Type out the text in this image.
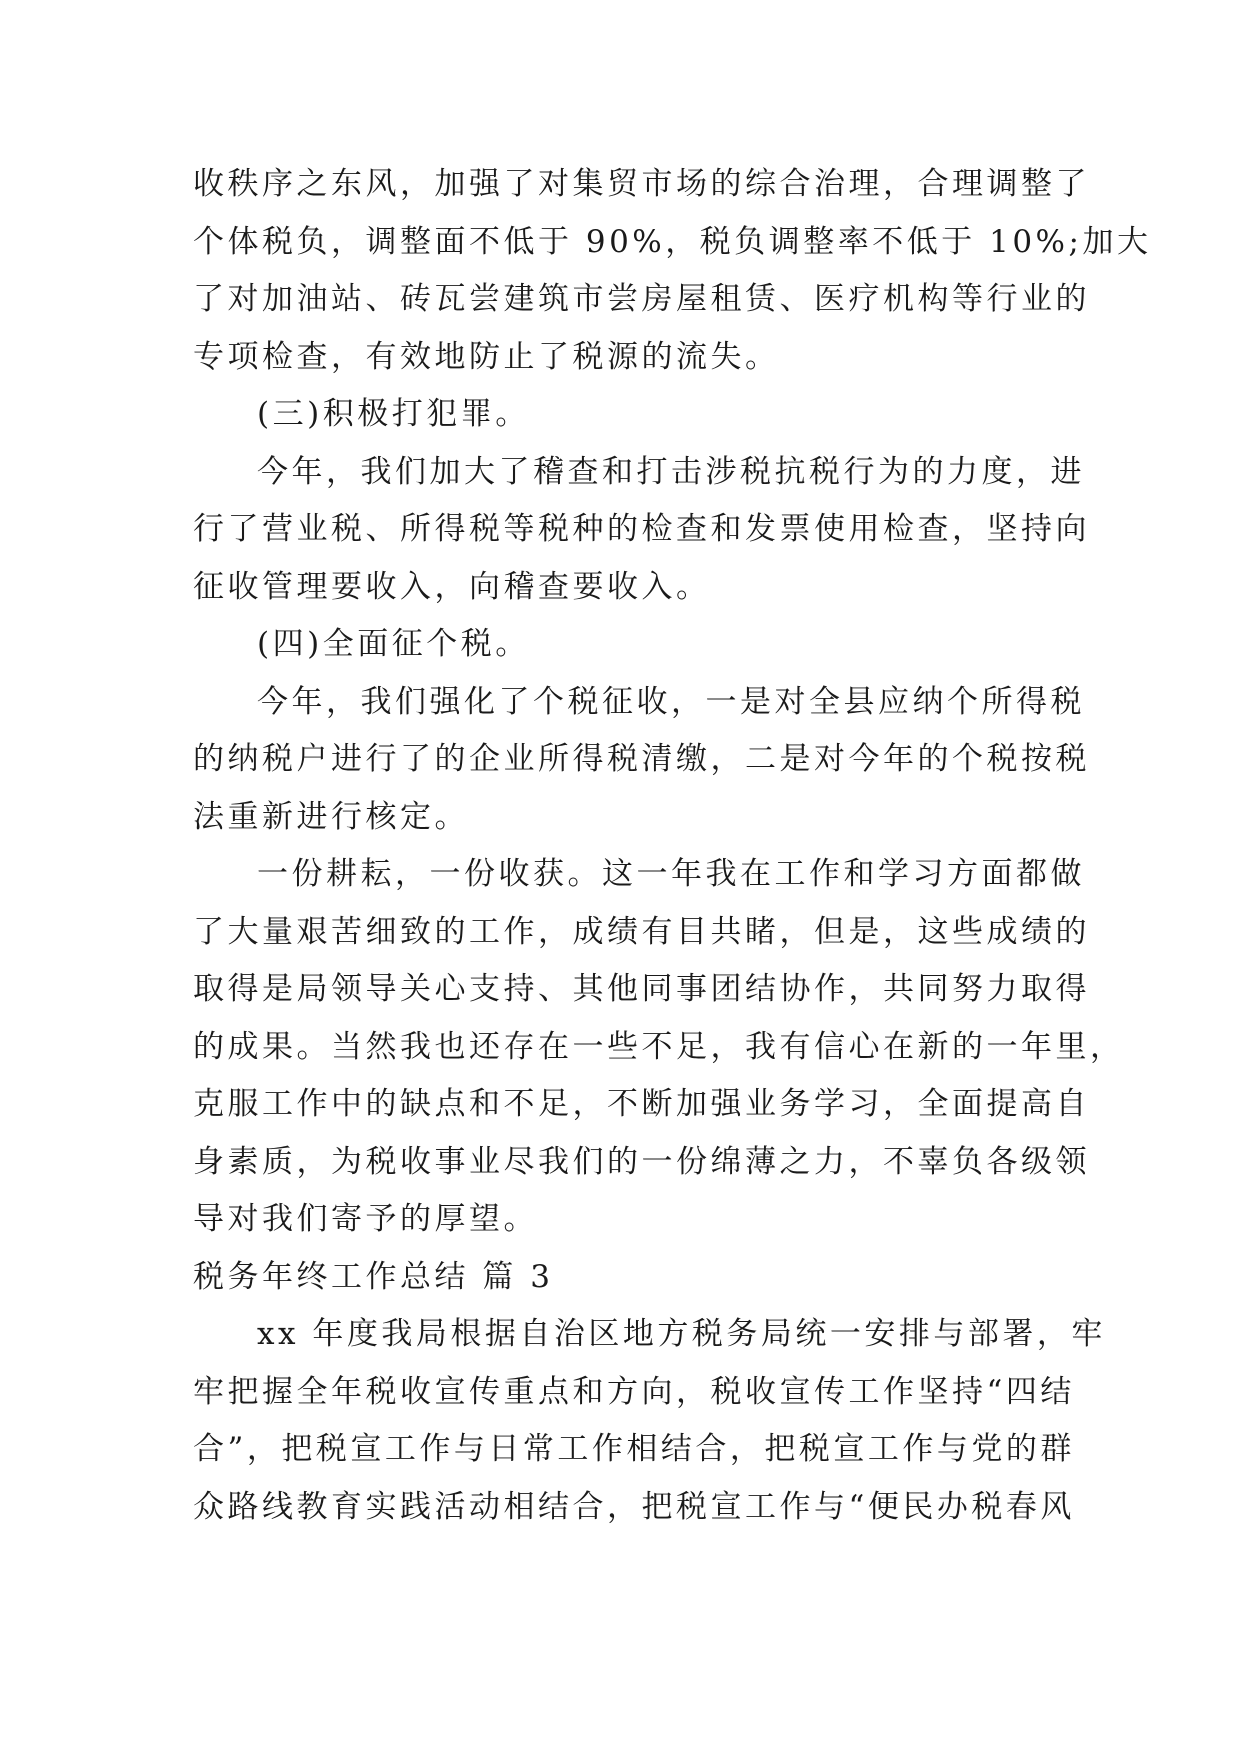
收秩序之东风，加强了对集贸市场的综合治理，合理调整了
个体税负，调整面不低于 90%，税负调整率不低于 10%;加大
了对加油站、砖瓦尝建筑市尝房屋租赁、医疗机构等行业的
专项检查，有效地防止了税源的流失。
(三)积极打犯罪。
今年，我们加大了稽查和打击涉税抗税行为的力度，进
行了营业税、所得税等税种的检查和发票使用检查，坚持向
征收管理要收入，向稽查要收入。
(四)全面征个税。
今年，我们强化了个税征收，一是对全县应纳个所得税
的纳税户进行了的企业所得税清缴，二是对今年的个税按税
法重新进行核定。
一份耕耘，一份收获。这一年我在工作和学习方面都做
了大量艰苦细致的工作，成绩有目共睹，但是，这些成绩的
取得是局领导关心支持、其他同事团结协作，共同努力取得
的成果。当然我也还存在一些不足，我有信心在新的一年里，
克服工作中的缺点和不足，不断加强业务学习，全面提高自
身素质，为税收事业尽我们的一份绵薄之力，不辜负各级领
导对我们寄予的厚望。
税务年终工作总结 篇 3
xx 年度我局根据自治区地方税务局统一安排与部署，牢
牢把握全年税收宣传重点和方向，税收宣传工作坚持“四结
合”，把税宣工作与日常工作相结合，把税宣工作与党的群
众路线教育实践活动相结合，把税宣工作与“便民办税春风
